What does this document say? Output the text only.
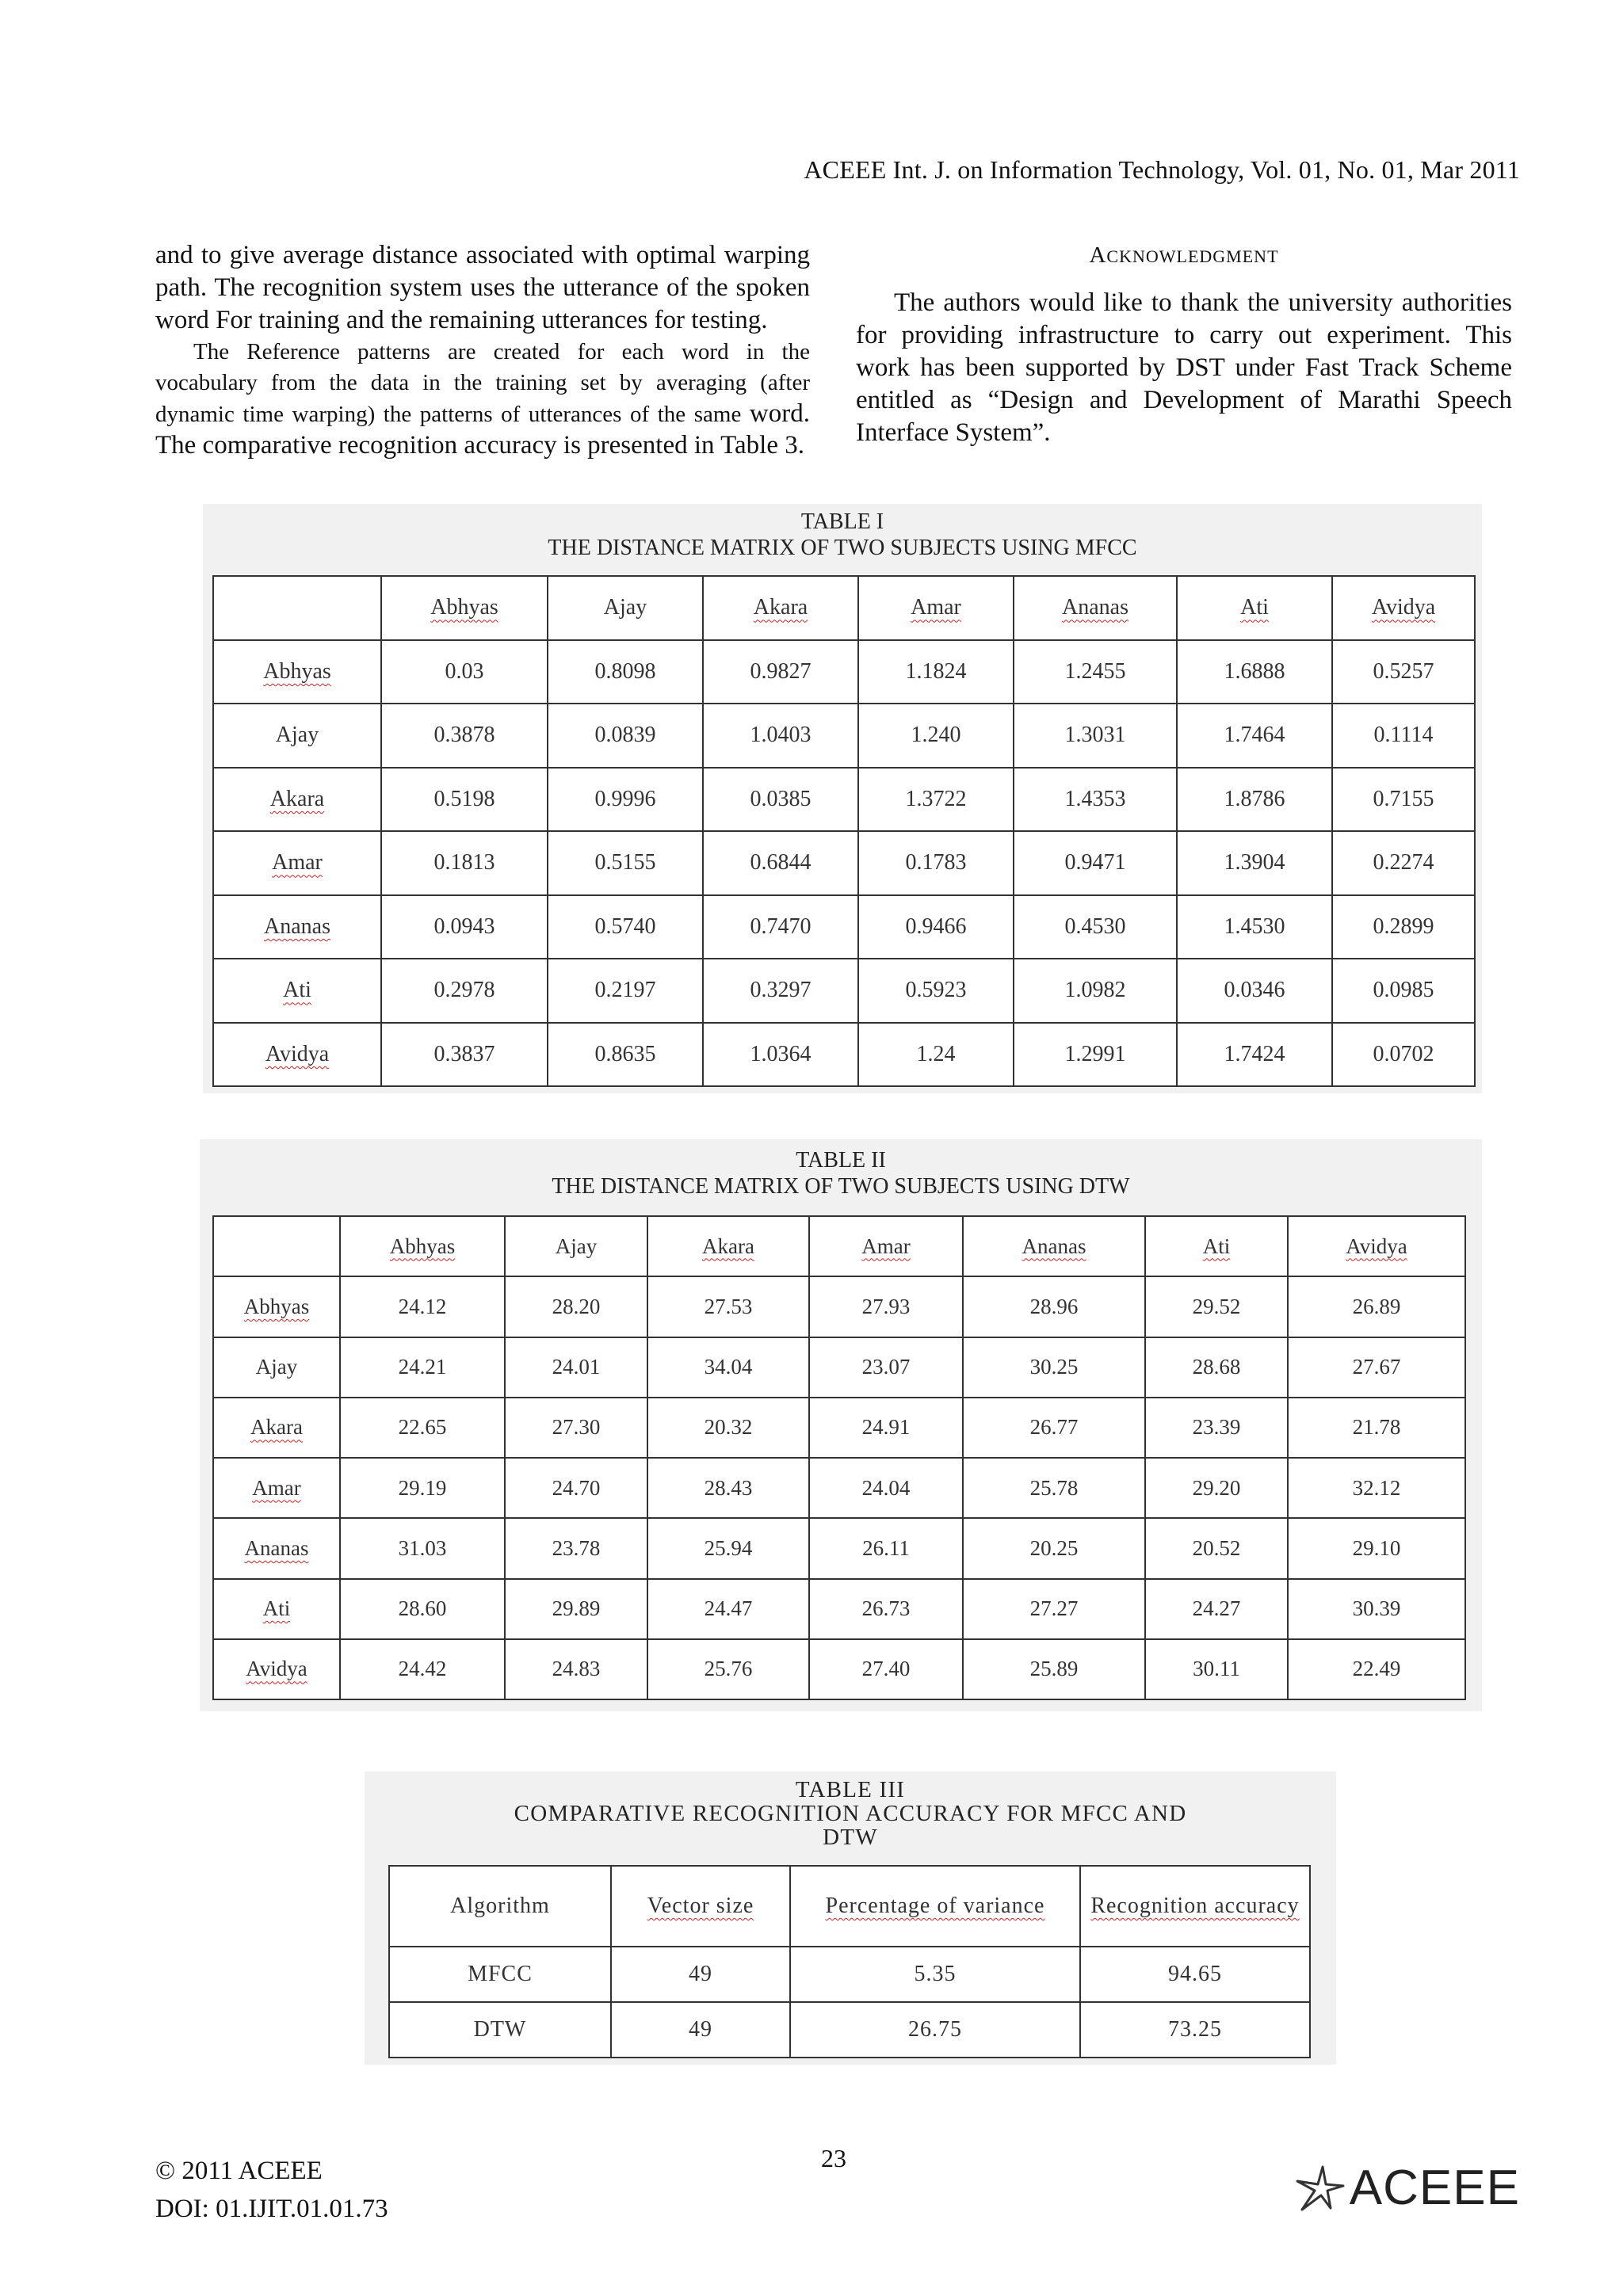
ACEEE Int. J. on Information Technology, Vol. 01, No. 01, Mar 2011

and to give average distance associated with optimal warping path. The recognition system uses the utterance of the spoken word For training and the remaining utterances for testing.

The Reference patterns are created for each word in the vocabulary from the data in the training set by averaging (after dynamic time warping) the patterns of utterances of the same word. The comparative recognition accuracy is presented in Table 3.

ACKNOWLEDGMENT

The authors would like to thank the university authorities for providing infrastructure to carry out experiment. This work has been supported by DST under Fast Track Scheme entitled as “Design and Development of Marathi Speech Interface System”.

TABLE I
THE DISTANCE MATRIX OF TWO SUBJECTS USING MFCC
	Abhyas	Ajay	Akara	Amar	Ananas	Ati	Avidya
Abhyas	0.03	0.8098	0.9827	1.1824	1.2455	1.6888	0.5257
Ajay	0.3878	0.0839	1.0403	1.240	1.3031	1.7464	0.1114
Akara	0.5198	0.9996	0.0385	1.3722	1.4353	1.8786	0.7155
Amar	0.1813	0.5155	0.6844	0.1783	0.9471	1.3904	0.2274
Ananas	0.0943	0.5740	0.7470	0.9466	0.4530	1.4530	0.2899
Ati	0.2978	0.2197	0.3297	0.5923	1.0982	0.0346	0.0985
Avidya	0.3837	0.8635	1.0364	1.24	1.2991	1.7424	0.0702
TABLE II
THE DISTANCE MATRIX OF TWO SUBJECTS USING DTW
	Abhyas	Ajay	Akara	Amar	Ananas	Ati	Avidya
Abhyas	24.12	28.20	27.53	27.93	28.96	29.52	26.89
Ajay	24.21	24.01	34.04	23.07	30.25	28.68	27.67
Akara	22.65	27.30	20.32	24.91	26.77	23.39	21.78
Amar	29.19	24.70	28.43	24.04	25.78	29.20	32.12
Ananas	31.03	23.78	25.94	26.11	20.25	20.52	29.10
Ati	28.60	29.89	24.47	26.73	27.27	24.27	30.39
Avidya	24.42	24.83	25.76	27.40	25.89	30.11	22.49
TABLE III
COMPARATIVE RECOGNITION ACCURACY FOR MFCC AND
DTW
Algorithm	Vector size	Percentage of variance	Recognition accuracy
MFCC	49	5.35	94.65
DTW	49	26.75	73.25
23
© 2011 ACEEE
DOI: 01.IJIT.01.01.73	ACEEE
